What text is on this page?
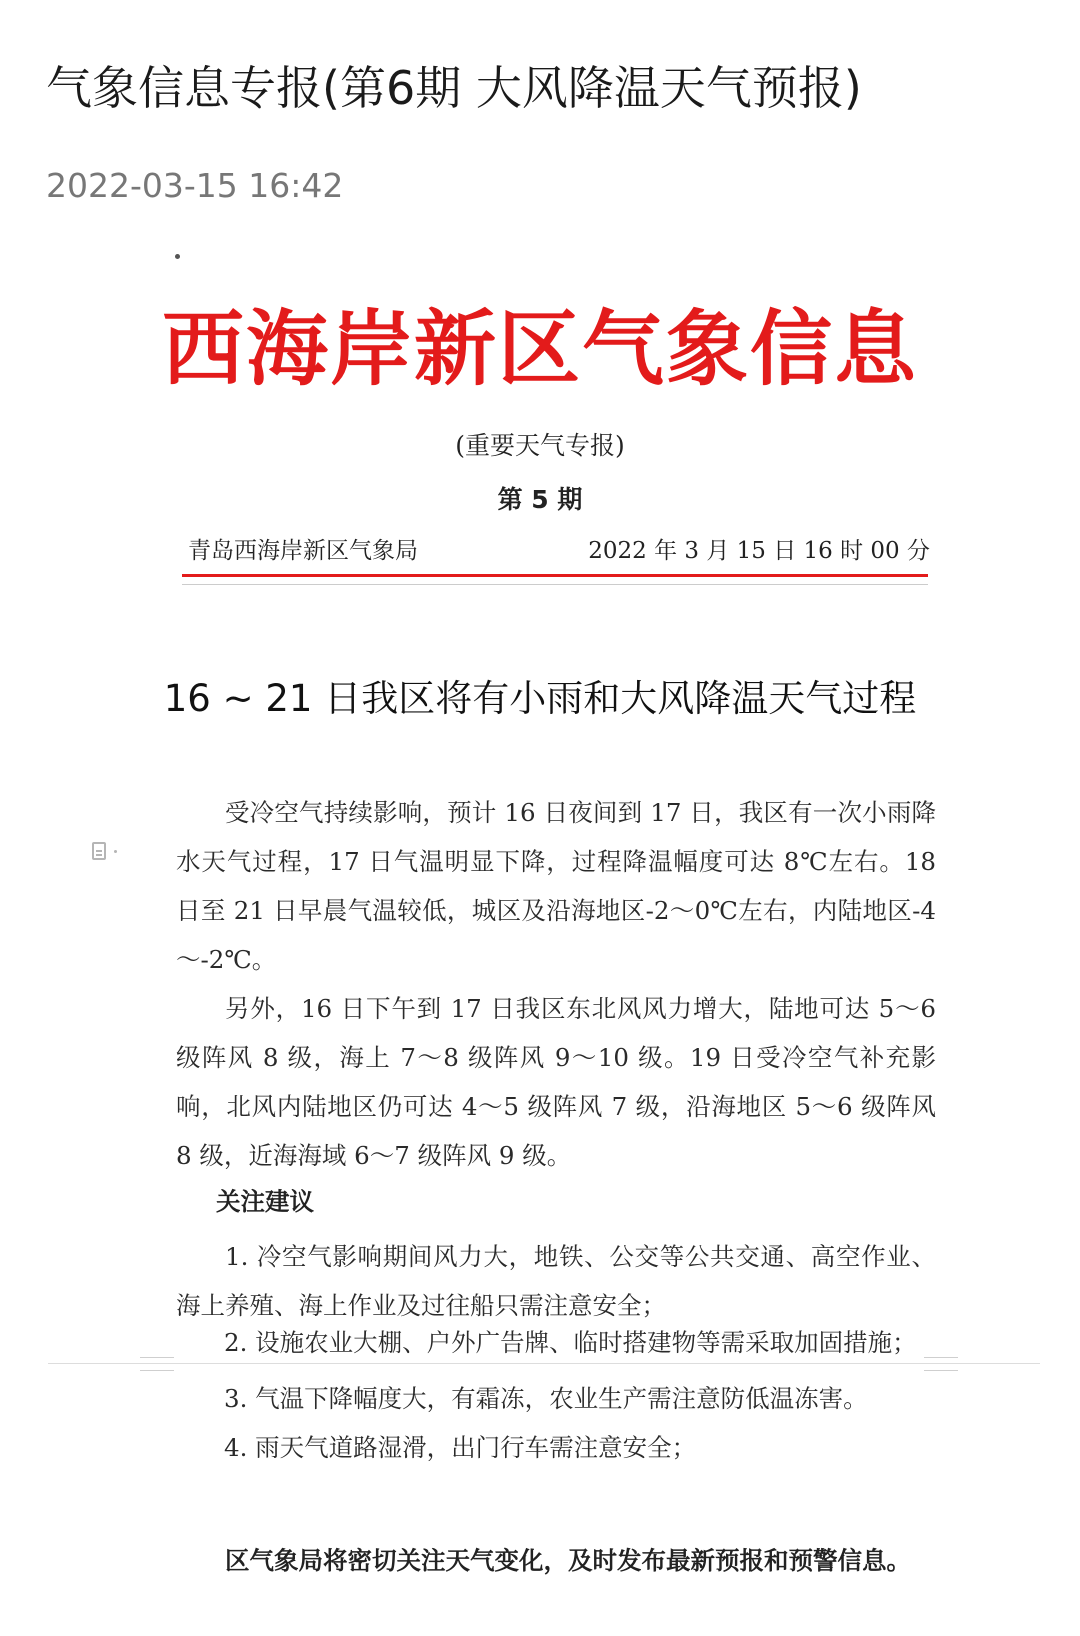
气象信息专报(第6期 大风降温天气预报)
2022-03-15 16:42
西海岸新区气象信息
(重要天气专报)
第 5 期
青岛西海岸新区气象局	2022 年 3 月 15 日 16 时 00 分
16 ~ 21 日我区将有小雨和大风降温天气过程

受冷空气持续影响，预计 16 日夜间到 17 日，我区有一次小雨降水天气过程，17 日气温明显下降，过程降温幅度可达 8℃左右。18 日至 21 日早晨气温较低，城区及沿海地区-2～0℃左右，内陆地区-4～-2℃。

另外，16 日下午到 17 日我区东北风风力增大，陆地可达 5～6 级阵风 8 级，海上 7～8 级阵风 9～10 级。19 日受冷空气补充影响，北风内陆地区仍可达 4～5 级阵风 7 级，沿海地区 5～6 级阵风 8 级，近海海域 6～7 级阵风 9 级。

关注建议
1. 冷空气影响期间风力大，地铁、公交等公共交通、高空作业、海上养殖、海上作业及过往船只需注意安全；
2. 设施农业大棚、户外广告牌、临时搭建物等需采取加固措施；
3. 气温下降幅度大，有霜冻，农业生产需注意防低温冻害。
4. 雨天气道路湿滑，出门行车需注意安全；
区气象局将密切关注天气变化，及时发布最新预报和预警信息。
